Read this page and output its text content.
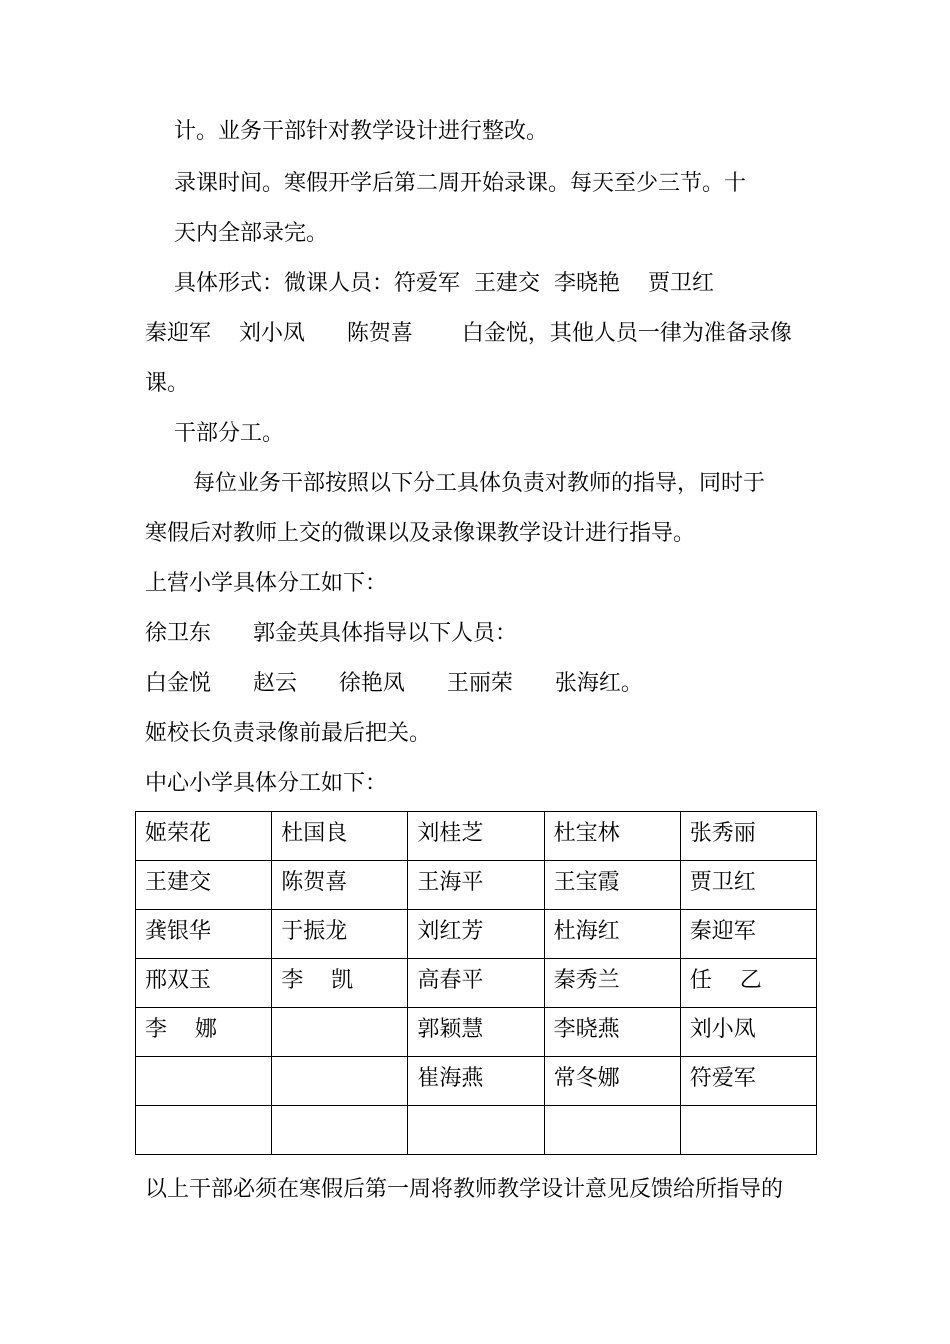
计。业务干部针对教学设计进行整改。

录课时间。寒假开学后第二周开始录课。每天至少三节。十

天内全部录完。

具体形式：微课人员：符爱军  王建交  李晓艳    贾卫红

秦迎军    刘小凤      陈贺喜       白金悦，其他人员一律为准备录像

课。

干部分工。

每位业务干部按照以下分工具体负责对教师的指导，同时于

寒假后对教师上交的微课以及录像课教学设计进行指导。

上营小学具体分工如下：

徐卫东      郭金英具体指导以下人员：

白金悦      赵云      徐艳凤      王丽荣      张海红。

姬校长负责录像前最后把关。

中心小学具体分工如下：

姬荣花	杜国良	刘桂芝	杜宝林	张秀丽
王建交	陈贺喜	王海平	王宝霞	贾卫红
龚银华	于振龙	刘红芳	杜海红	秦迎军
邢双玉	李    凯	高春平	秦秀兰	任    乙
李    娜		郭颖慧	李晓燕	刘小凤
		崔海燕	常冬娜	符爱军

以上干部必须在寒假后第一周将教师教学设计意见反馈给所指导的
